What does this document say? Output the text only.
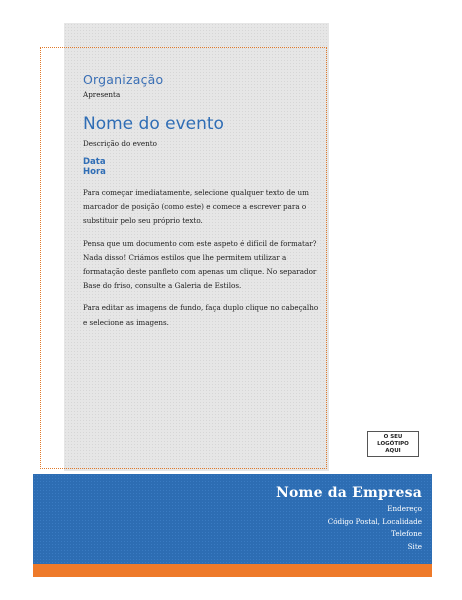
Organização
Apresenta
Nome do evento
Descrição do evento
Data
Hora
Para começar imediatamente, selecione qualquer texto de um marcador de posição (como este) e comece a escrever para o substituir pelo seu próprio texto.
Pensa que um documento com este aspeto é difícil de formatar? Nada disso! Criámos estilos que lhe permitem utilizar a formatação deste panfleto com apenas um clique. No separador Base do friso, consulte a Galeria de Estilos.
Para editar as imagens de fundo, faça duplo clique no cabeçalho e selecione as imagens.
O SEU LOGÓTIPO AQUI
Nome da Empresa
Endereço
Código Postal, Localidade
Telefone
Site
